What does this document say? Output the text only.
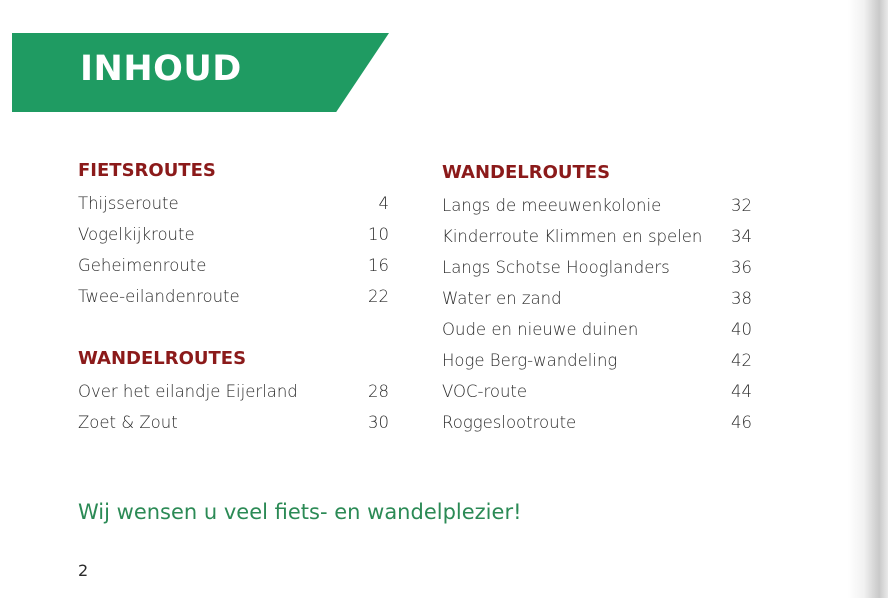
INHOUD
FIETSROUTES
Thijsseroute	4
Vogelkijkroute	10
Geheimenroute	16
Twee-eilandenroute	22
WANDELROUTES
Over het eilandje Eijerland	28
Zoet & Zout	30
WANDELROUTES
Langs de meeuwenkolonie	32
Kinderroute Klimmen en spelen 34
Langs Schotse Hooglanders	36
Water en zand	38
Oude en nieuwe duinen	40
Hoge Berg-wandeling	42
VOC-route	44
Roggeslootroute	46

Wij wensen u veel fiets- en wandelplezier!

2
